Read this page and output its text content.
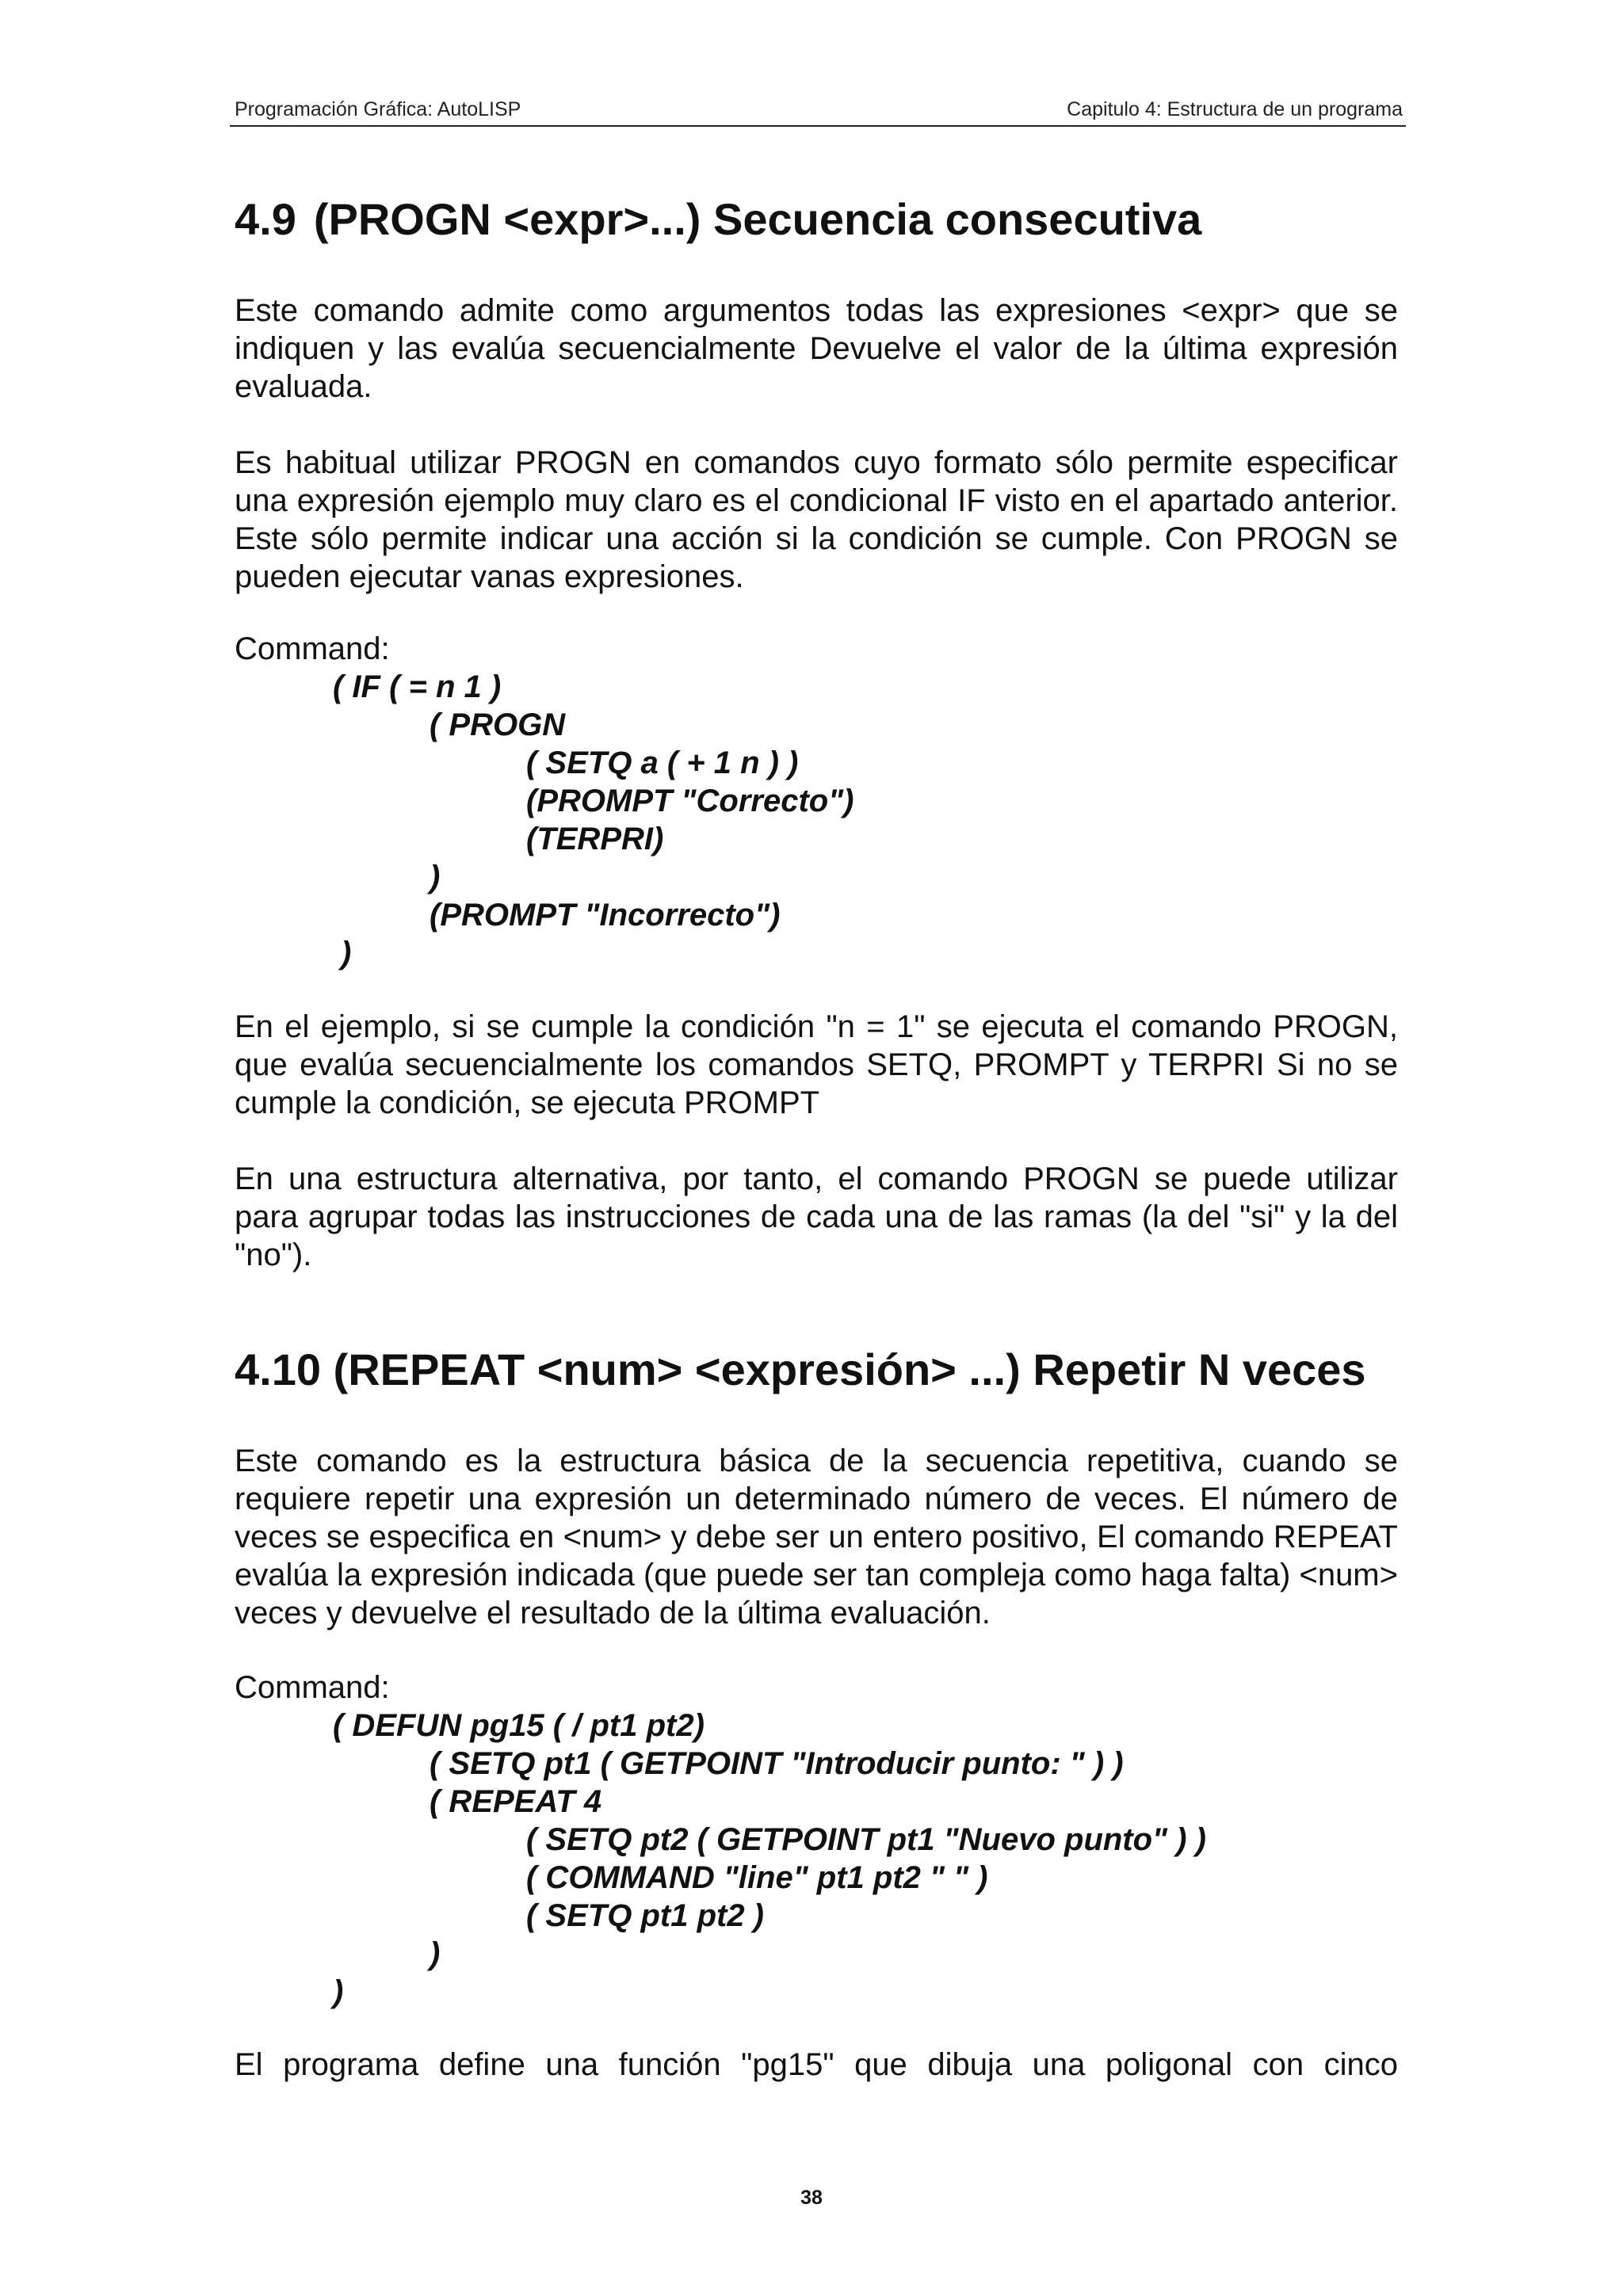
Programación Gráfica: AutoLISP	Capitulo 4: Estructura de un programa
4.9 (PROGN <expr>...) Secuencia consecutiva

Este comando admite como argumentos todas las expresiones <expr> que se indiquen y las evalúa secuencialmente Devuelve el valor de la última expresión evaluada.

Es habitual utilizar PROGN en comandos cuyo formato sólo permite especificar una expresión ejemplo muy claro es el condicional IF visto en el apartado anterior. Este sólo permite indicar una acción si la condición se cumple. Con PROGN se pueden ejecutar vanas expresiones.

Command:
( IF ( = n 1 )
( PROGN
( SETQ a ( + 1 n ) )
(PROMPT "Correcto")
(TERPRI)
)
(PROMPT "Incorrecto")
)

En el ejemplo, si se cumple la condición "n = 1" se ejecuta el comando PROGN, que evalúa secuencialmente los comandos SETQ, PROMPT y TERPRI Si no se cumple la condición, se ejecuta PROMPT

En una estructura alternativa, por tanto, el comando PROGN se puede utilizar para agrupar todas las instrucciones de cada una de las ramas (la del "si" y la del "no").

4.10 (REPEAT <num> <expresión> ...) Repetir N veces

Este comando es la estructura básica de la secuencia repetitiva, cuando se requiere repetir una expresión un determinado número de veces. El número de veces se especifica en <num> y debe ser un entero positivo, El comando REPEAT evalúa la expresión indicada (que puede ser tan compleja como haga falta) <num> veces y devuelve el resultado de la última evaluación.

Command:
( DEFUN pg15 ( / pt1 pt2)
( SETQ pt1 ( GETPOINT "Introducir punto: " ) )
( REPEAT 4
( SETQ pt2 ( GETPOINT pt1 "Nuevo punto" ) )
( COMMAND "line" pt1 pt2 " " )
( SETQ pt1 pt2 )
)
)

El programa define una función "pg15" que dibuja una poligonal con cinco

38
